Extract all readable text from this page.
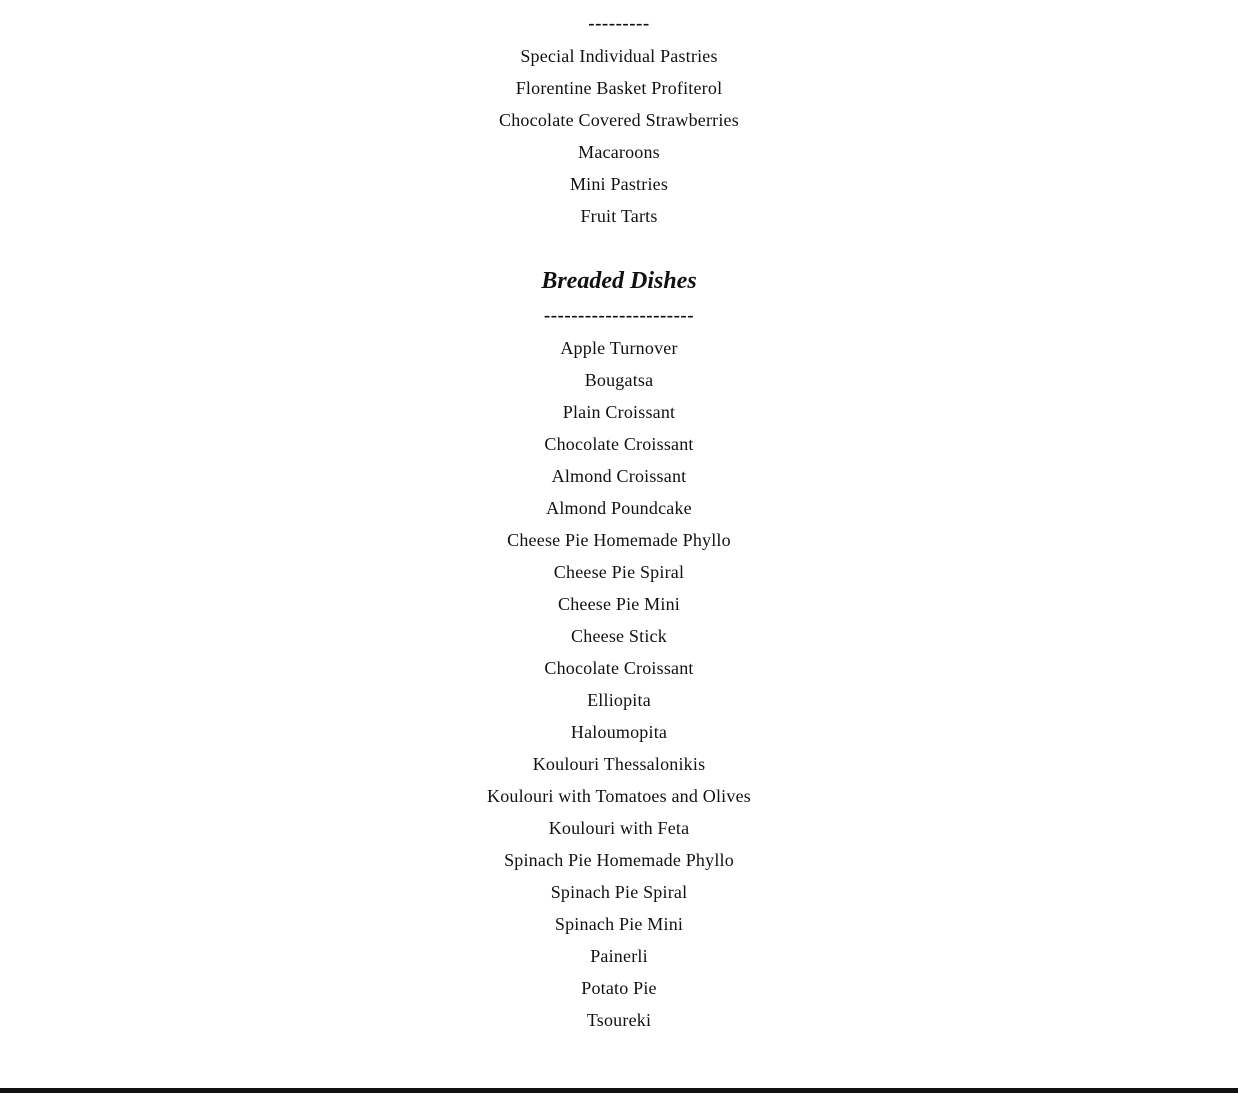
---------
Special Individual Pastries
Florentine Basket Profiterol
Chocolate Covered Strawberries
Macaroons
Mini Pastries
Fruit Tarts
Breaded Dishes
----------------------
Apple Turnover
Bougatsa
Plain Croissant
Chocolate Croissant
Almond Croissant
Almond Poundcake
Cheese Pie Homemade Phyllo
Cheese Pie Spiral
Cheese Pie Mini
Cheese Stick
Chocolate Croissant
Elliopita
Haloumopita
Koulouri Thessalonikis
Koulouri with Tomatoes and Olives
Koulouri with Feta
Spinach Pie Homemade Phyllo
Spinach Pie Spiral
Spinach Pie Mini
Painerli
Potato Pie
Tsoureki
